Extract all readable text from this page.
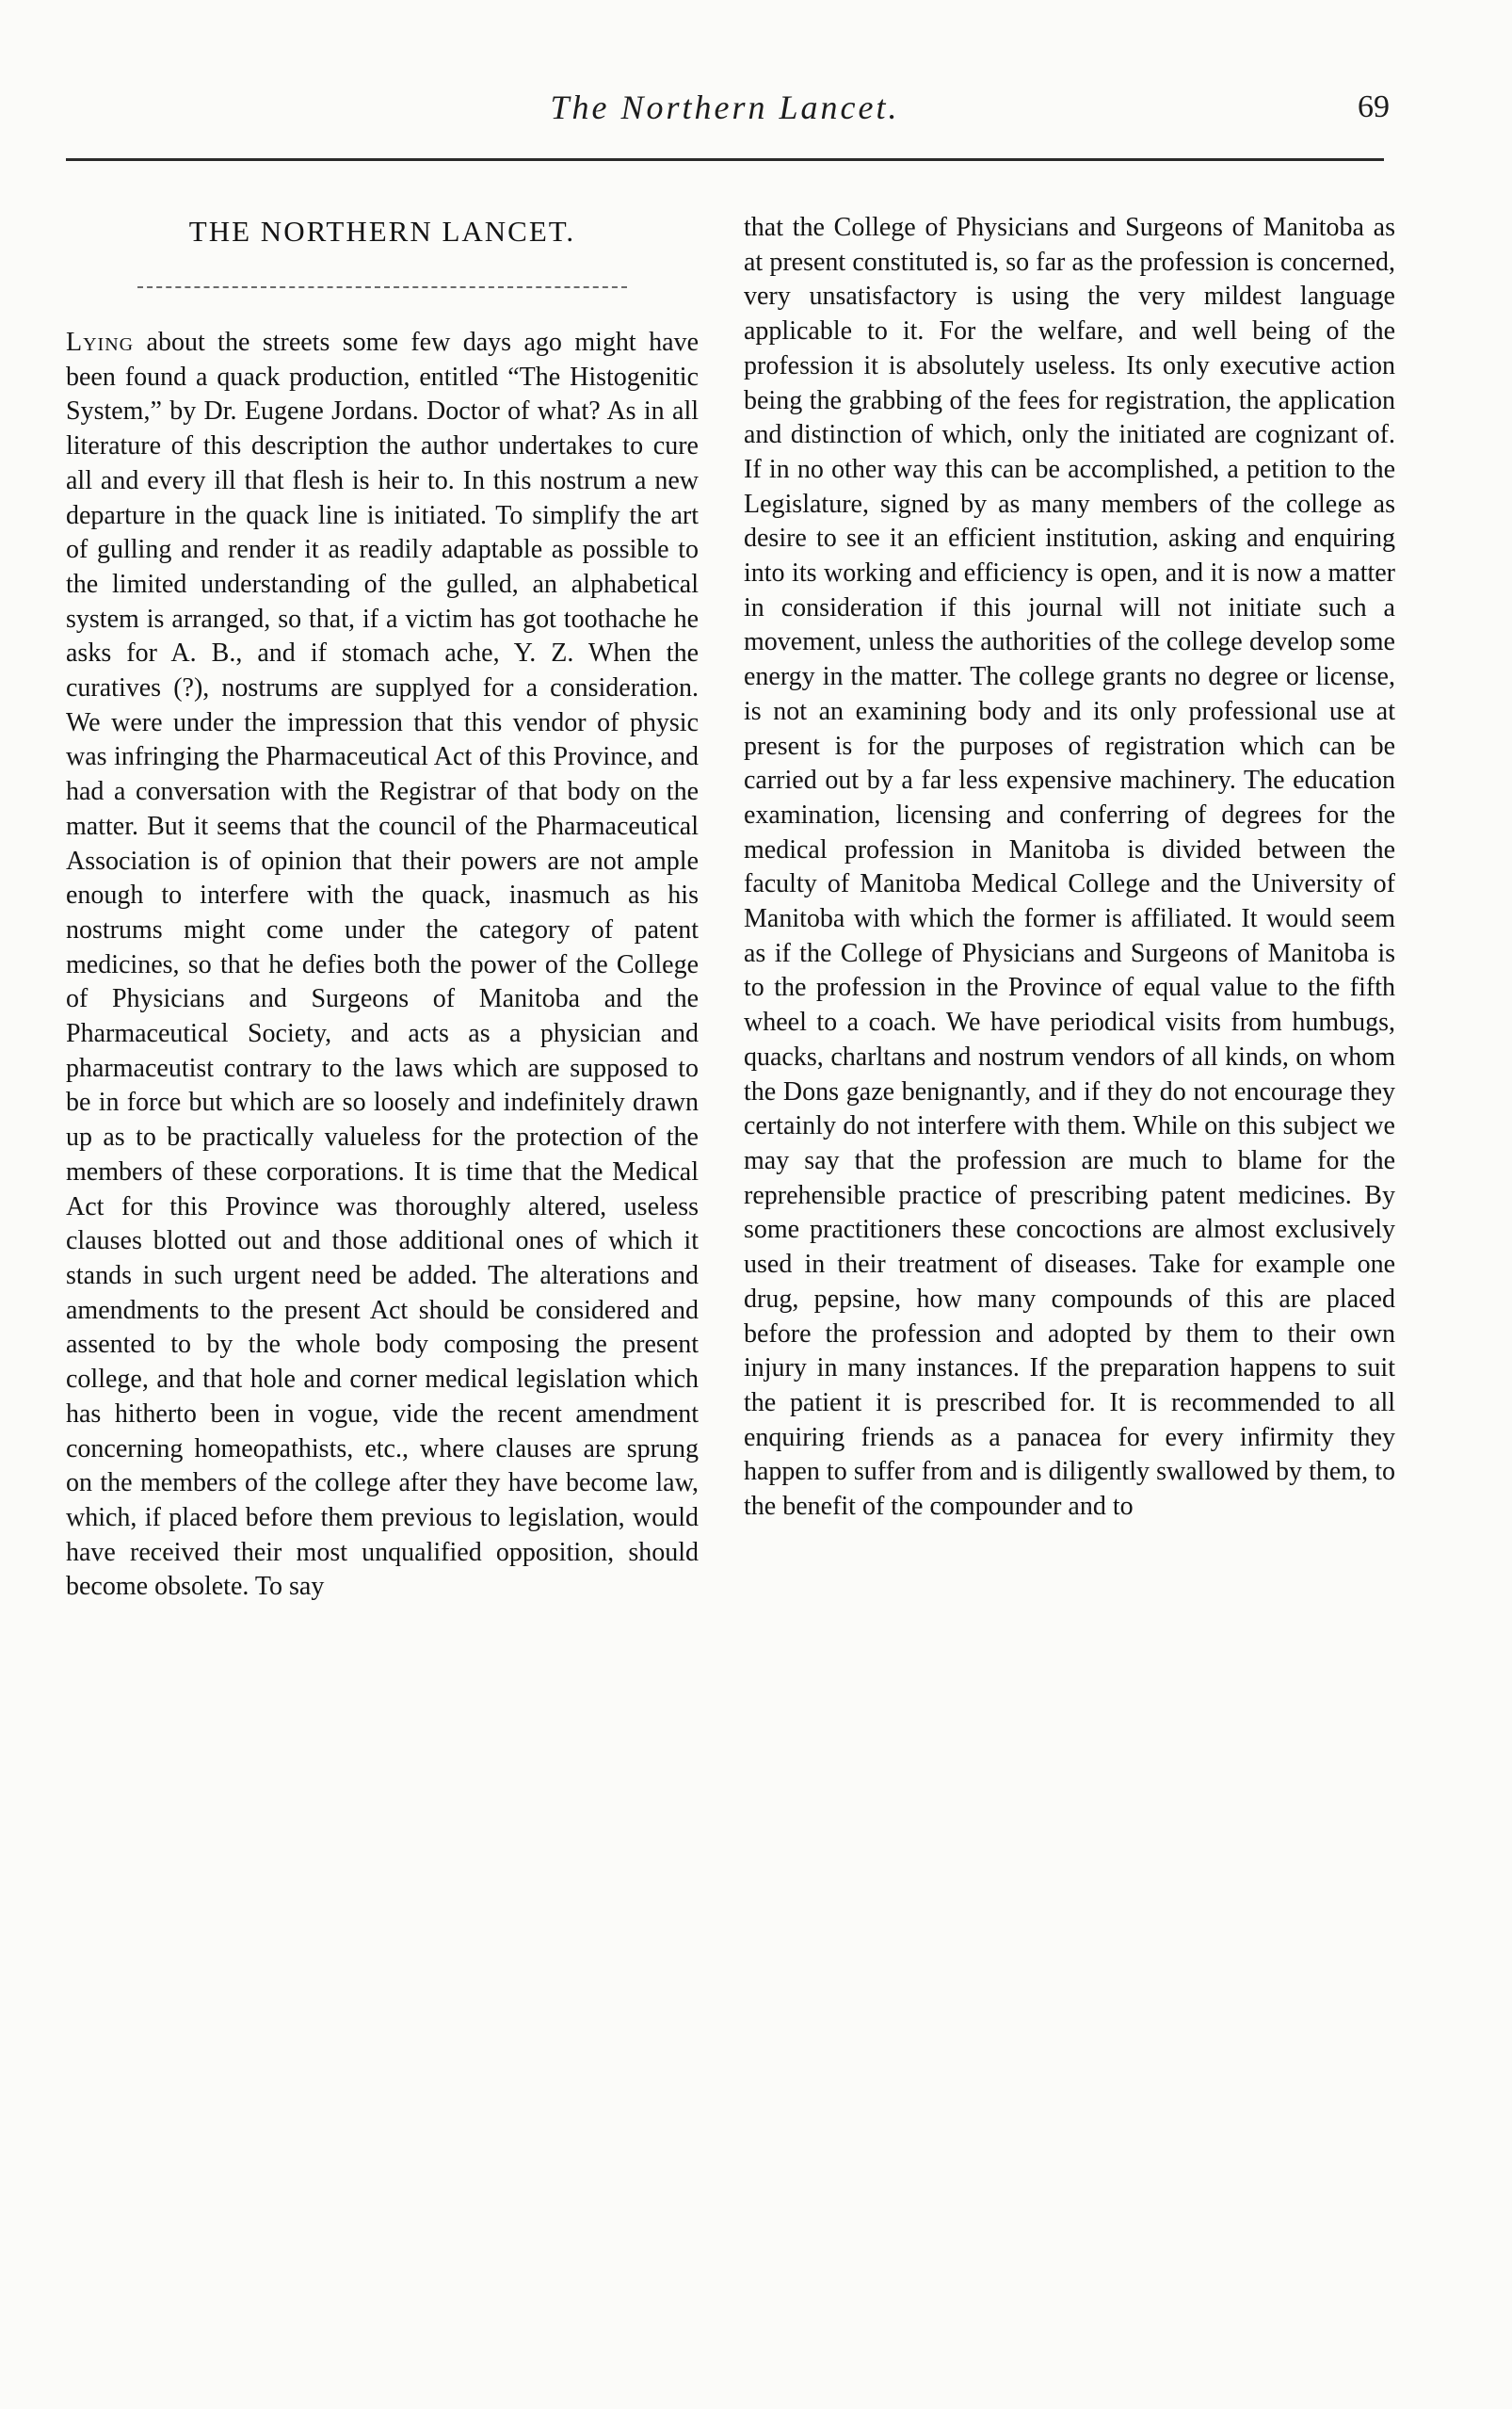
The Northern Lancet.	69
THE NORTHERN LANCET.

Lying about the streets some few days ago might have been found a quack production, entitled “The Histogenitic System,” by Dr. Eugene Jordans. Doctor of what? As in all literature of this description the author undertakes to cure all and every ill that flesh is heir to. In this nostrum a new departure in the quack line is initiated. To simplify the art of gulling and render it as readily adaptable as possible to the limited understanding of the gulled, an alphabetical system is arranged, so that, if a victim has got toothache he asks for A. B., and if stomach ache, Y. Z. When the curatives (?), nostrums are supplyed for a consideration. We were under the impression that this vendor of physic was infringing the Pharmaceutical Act of this Province, and had a conversation with the Registrar of that body on the matter. But it seems that the council of the Pharmaceutical Association is of opinion that their powers are not ample enough to interfere with the quack, inasmuch as his nostrums might come under the category of patent medicines, so that he defies both the power of the College of Physicians and Surgeons of Manitoba and the Pharmaceutical Society, and acts as a physician and pharmaceutist contrary to the laws which are supposed to be in force but which are so loosely and indefinitely drawn up as to be practically valueless for the protection of the members of these corporations. It is time that the Medical Act for this Province was thoroughly altered, useless clauses blotted out and those additional ones of which it stands in such urgent need be added. The alterations and amendments to the present Act should be considered and assented to by the whole body composing the present college, and that hole and corner medical legislation which has hitherto been in vogue, vide the recent amendment concerning homeopathists, etc., where clauses are sprung on the members of the college after they have become law, which, if placed before them previous to legislation, would have received their most unqualified opposition, should become obsolete. To say

that the College of Physicians and Surgeons of Manitoba as at present constituted is, so far as the profession is concerned, very unsatisfactory is using the very mildest language applicable to it. For the welfare, and well being of the profession it is absolutely useless. Its only executive action being the grabbing of the fees for registration, the application and distinction of which, only the initiated are cognizant of. If in no other way this can be accomplished, a petition to the Legislature, signed by as many members of the college as desire to see it an efficient institution, asking and enquiring into its working and efficiency is open, and it is now a matter in consideration if this journal will not initiate such a movement, unless the authorities of the college develop some energy in the matter. The college grants no degree or license, is not an examining body and its only professional use at present is for the purposes of registration which can be carried out by a far less expensive machinery. The education examination, licensing and conferring of degrees for the medical profession in Manitoba is divided between the faculty of Manitoba Medical College and the University of Manitoba with which the former is affiliated. It would seem as if the College of Physicians and Surgeons of Manitoba is to the profession in the Province of equal value to the fifth wheel to a coach. We have periodical visits from humbugs, quacks, charltans and nostrum vendors of all kinds, on whom the Dons gaze benignantly, and if they do not encourage they certainly do not interfere with them. While on this subject we may say that the profession are much to blame for the reprehensible practice of prescribing patent medicines. By some practitioners these concoctions are almost exclusively used in their treatment of diseases. Take for example one drug, pepsine, how many compounds of this are placed before the profession and adopted by them to their own injury in many instances. If the preparation happens to suit the patient it is prescribed for. It is recommended to all enquiring friends as a panacea for every infirmity they happen to suffer from and is diligently swallowed by them, to the benefit of the compounder and to
